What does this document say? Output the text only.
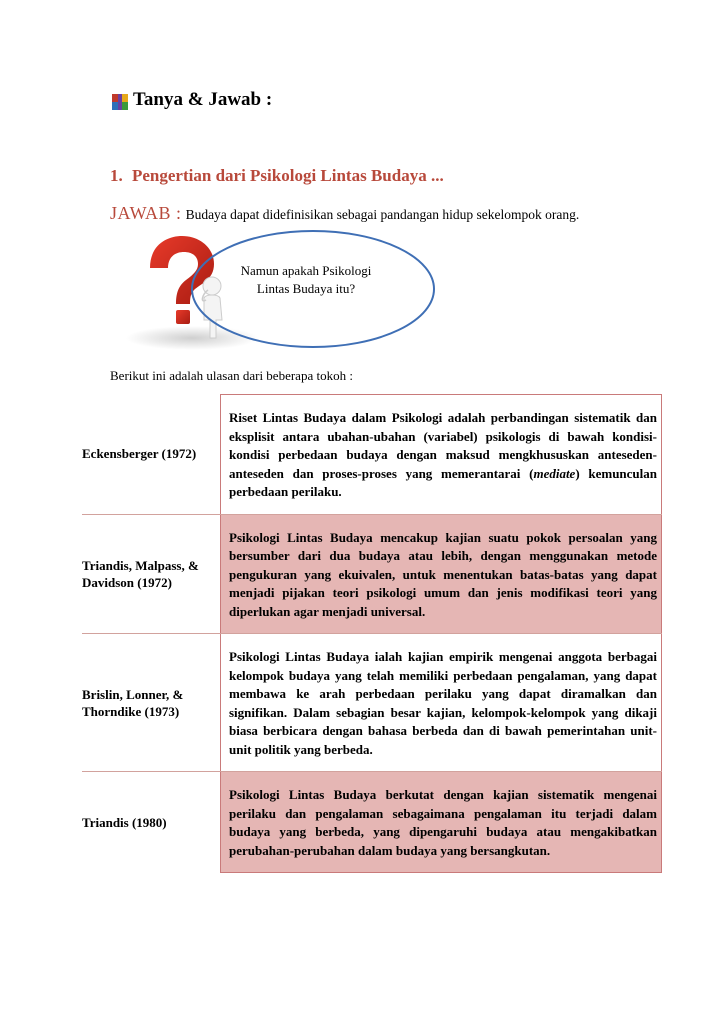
Tanya & Jawab :
1. Pengertian dari Psikologi Lintas Budaya ...
JAWAB : Budaya dapat didefinisikan sebagai pandangan hidup sekelompok orang.
Namun apakah Psikologi
Lintas Budaya itu?
Berikut ini adalah ulasan dari beberapa tokoh :
Eckensberger (1972)

Riset Lintas Budaya dalam Psikologi adalah perbandingan sistematik dan eksplisit antara ubahan-ubahan (variabel) psikologis di bawah kondisi-kondisi perbedaan budaya dengan maksud mengkhususkan anteseden-anteseden dan proses-proses yang memerantarai (mediate) kemunculan perbedaan perilaku.

Triandis, Malpass, & Davidson (1972)

Psikologi Lintas Budaya mencakup kajian suatu pokok persoalan yang bersumber dari dua budaya atau lebih, dengan menggunakan metode pengukuran yang ekuivalen, untuk menentukan batas-batas yang dapat menjadi pijakan teori psikologi umum dan jenis modifikasi teori yang diperlukan agar menjadi universal.

Brislin, Lonner, & Thorndike (1973)

Psikologi Lintas Budaya ialah kajian empirik mengenai anggota berbagai kelompok budaya yang telah memiliki perbedaan pengalaman, yang dapat membawa ke arah perbedaan perilaku yang dapat diramalkan dan signifikan. Dalam sebagian besar kajian, kelompok-kelompok yang dikaji biasa berbicara dengan bahasa berbeda dan di bawah pemerintahan unit-unit politik yang berbeda.

Triandis (1980)

Psikologi Lintas Budaya berkutat dengan kajian sistematik mengenai perilaku dan pengalaman sebagaimana pengalaman itu terjadi dalam budaya yang berbeda, yang dipengaruhi budaya atau mengakibatkan perubahan-perubahan dalam budaya yang bersangkutan.
